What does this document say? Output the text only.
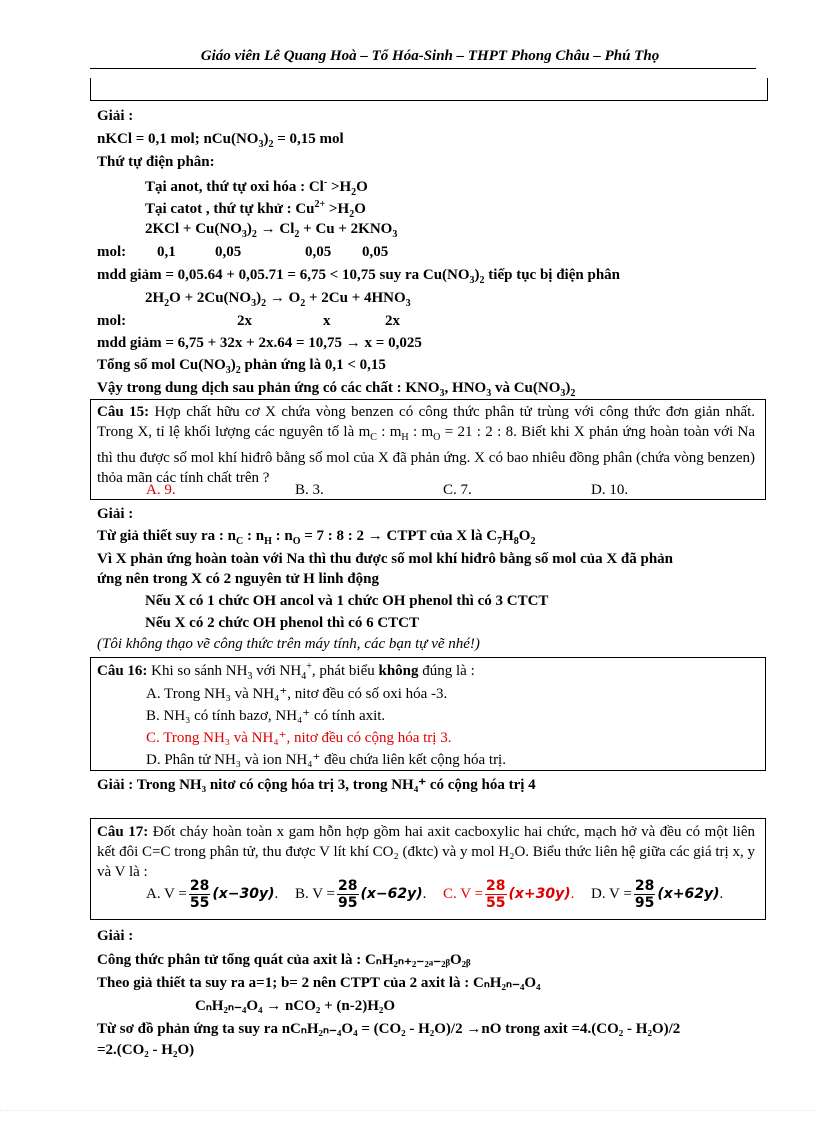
Giáo viên Lê Quang Hoà – Tổ Hóa-Sinh – THPT Phong Châu – Phú Thọ
Giải :
nKCl = 0,1 mol; $nCu(NO_3)_2 = 0,15$ mol
Thứ tự điện phân:
Tại anot, thứ tự oxi hóa : $Cl^- >H_2O$
Tại catot , thứ tự khử : $Cu^{2+} >H_2O$
$2KCl + Cu(NO_3)_2 \to Cl_2 + Cu + 2KNO_3$
mol: 0,1	0,05	0,05 0,05
mdd giảm = 0,05.64 + 0,05.71 = 6,75 < 10,75 suy ra $Cu(NO_3)_2$ tiếp tục bị điện phân
$2H_2O + 2Cu(NO_3)_2 \to O_2 + 2Cu + 4HNO_3$
mol:	2x	x	2x
mdd giảm = 6,75 + 32x + 2x.64 = 10,75 → x = 0,025
Tổng số mol $Cu(NO_3)_2$ phản ứng là 0,1 < 0,15
Vậy trong dung dịch sau phản ứng có các chất : $KNO_3$, $HNO_3$ và $Cu(NO_3)_2$
Câu 15: Hợp chất hữu cơ X chứa vòng benzen có công thức phân tử trùng với công thức đơn giản nhất. Trong X, tỉ lệ khối lượng các nguyên tố là $m_C$ : $m_H$ : $m_O = 21$ : 2 : 8. Biết khi X phản ứng hoàn toàn với Na thì thu được số mol khí hiđrô bằng số mol của X đã phản ứng. X có bao nhiêu đồng phân (chứa vòng benzen) thỏa mãn các tính chất trên ?
A. 9.	B. 3.	C. 7.	D. 10.
Giải :
Từ giả thiết suy ra : $n_C$ : $n_H$ : $n_O = 7$ : 8 : 2 → CTPT của X là $C_7H_8O_2$
Vì X phản ứng hoàn toàn với Na thì thu được số mol khí hiđrô bằng số mol của X đã phản
ứng nên trong X có 2 nguyên tử H linh động
Nếu X có 1 chức OH ancol và 1 chức OH phenol thì có 3 CTCT
Nếu X có 2 chức OH phenol thì có 6 CTCT
(Tôi không thạo vẽ công thức trên máy tính, các bạn tự vẽ nhé!)
Câu 16: Khi so sánh $NH_3$ với $NH_4^+$, phát biểu không đúng là :
A. Trong NH₃ và NH₄⁺, nitơ đều có số oxi hóa -3.
B. NH₃ có tính bazơ, NH₄⁺ có tính axit.
C. Trong NH₃ và NH₄⁺, nitơ đều có cộng hóa trị 3.
D. Phân tử NH₃ và ion NH₄⁺ đều chứa liên kết cộng hóa trị.
Giải : Trong NH₃ nitơ có cộng hóa trị 3, trong NH₄⁺ có cộng hóa trị 4
Câu 17: Đốt cháy hoàn toàn x gam hỗn hợp gồm hai axit cacboxylic hai chức, mạch hở và đều có một liên kết đôi C=C trong phân tử, thu được V lít khí CO₂ (đktc) và y mol H₂O. Biểu thức liên hệ giữa các giá trị x, y và V là :
A. $V = \frac{28}{55} (x-30y)$. B. $V = \frac{28}{95} (x-62y)$. C. $V = \frac{28}{55} (x+30y)$. D. $V = \frac{28}{95} (x+62y)$.
Giải :
Công thức phân tử tổng quát của axit là : CₙH₂ₙ₊₂₋₂ₐ₋₂ᵦO₂ᵦ
Theo giả thiết ta suy ra a=1; b= 2 nên CTPT của 2 axit là : CₙH₂ₙ₋₄O₄
CₙH₂ₙ₋₄O₄ → nCO₂ + (n-2)H₂O
Từ sơ đồ phản ứng ta suy ra nCₙH₂ₙ₋₄O₄ = (CO₂ - H₂O)/2 →nO trong axit =4.(CO₂ - H₂O)/2
=2.(CO₂ - H₂O)
